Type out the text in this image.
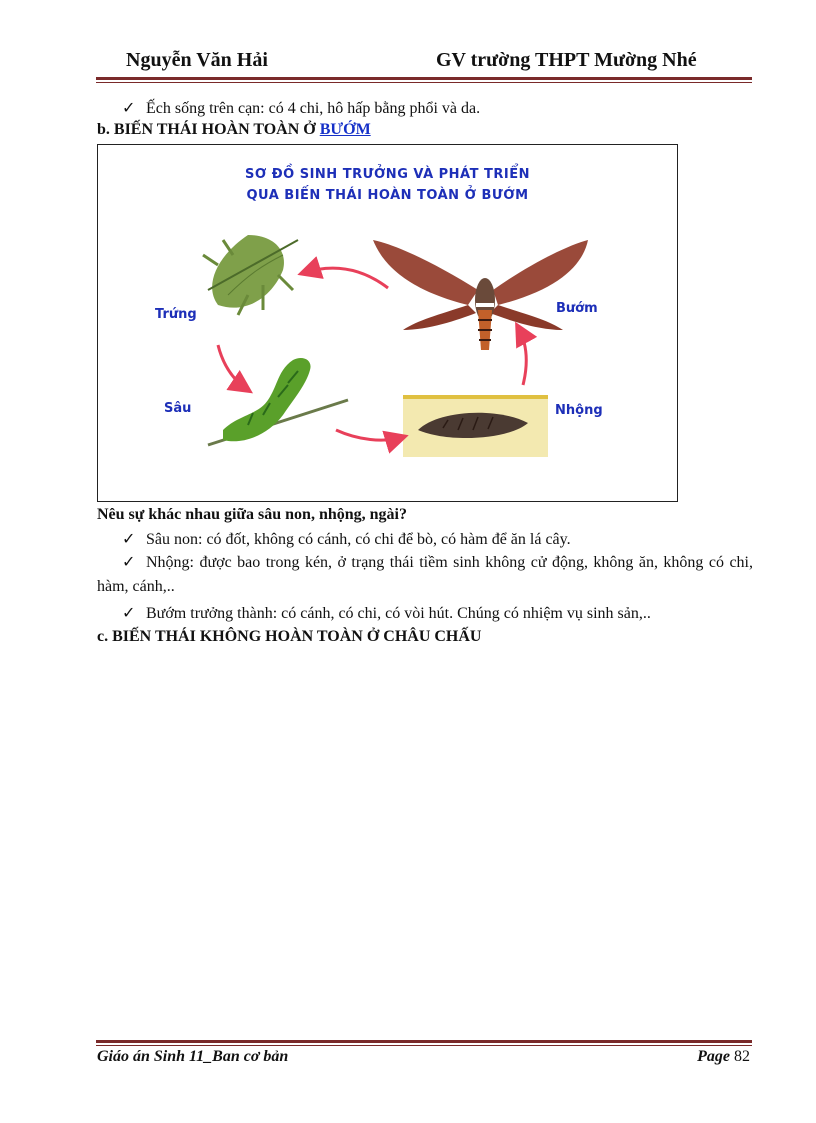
Nguyễn Văn Hải	GV trường THPT Mường Nhé
✓ Ếch sống trên cạn: có 4 chi, hô hấp bằng phổi và da.
b. BIẾN THÁI HOÀN TOÀN Ở BƯỚM
SƠ ĐỒ SINH TRƯỞNG VÀ PHÁT TRIỂN
QUA BIẾN THÁI HOÀN TOÀN Ở BƯỚM
Trứng	Bướm
Sâu	Nhộng
Nêu sự khác nhau giữa sâu non, nhộng, ngài?
✓ Sâu non: có đốt, không có cánh, có chi để bò, có hàm để ăn lá cây.
✓ Nhộng: được bao trong kén, ở trạng thái tiềm sinh không cử động, không ăn, không có chi, hàm, cánh,..
✓ Bướm trưởng thành: có cánh, có chi, có vòi hút. Chúng có nhiệm vụ sinh sản,..
c. BIẾN THÁI KHÔNG HOÀN TOÀN Ở CHÂU CHẤU
Giáo án Sinh 11_Ban cơ bản	Page 82
